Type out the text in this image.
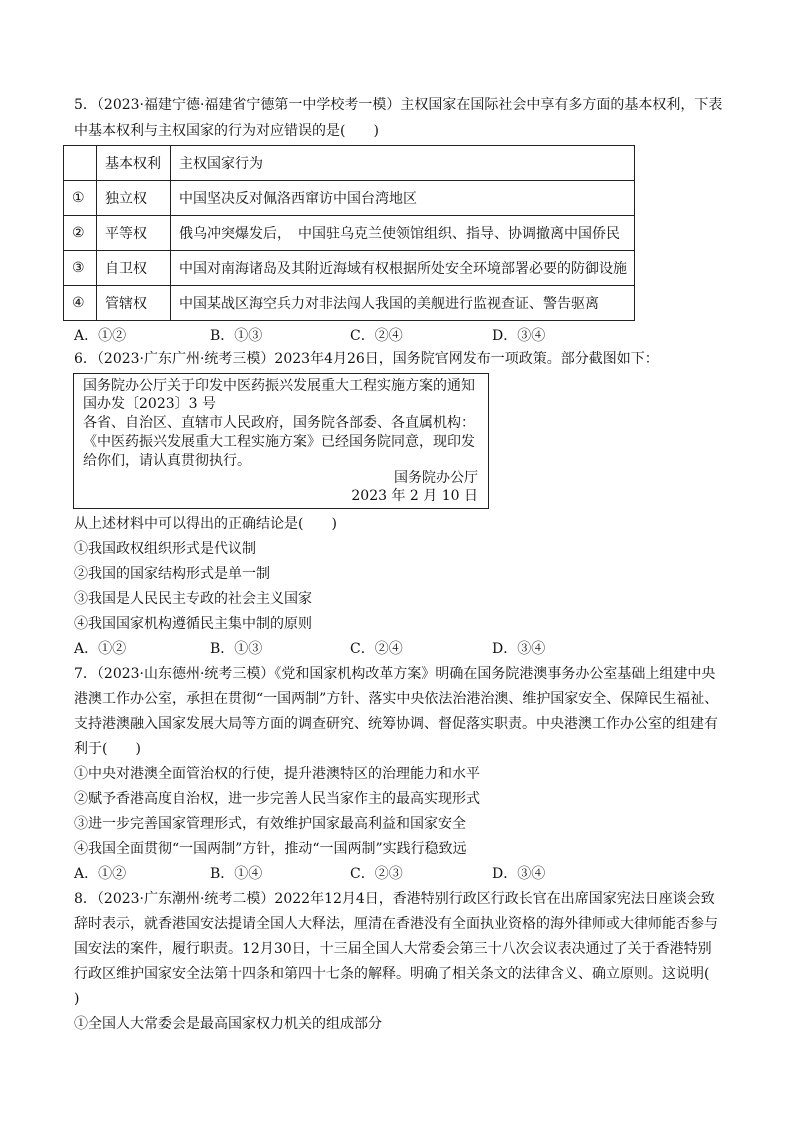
5．（2023·福建宁德·福建省宁德第一中学校考一模）主权国家在国际社会中享有多方面的基本权利，下表
中基本权利与主权国家的行为对应错误的是(　　)
	基本权利	主权国家行为
①	独立权	中国坚决反对佩洛西窜访中国台湾地区
②	平等权	俄乌冲突爆发后，　中国驻乌克兰使领馆组织、指导、协调撤离中国侨民
③	自卫权	中国对南海诸岛及其附近海域有权根据所处安全环境部署必要的防御设施
④	管辖权	中国某战区海空兵力对非法闯人我国的美舰进行监视查证、警告驱离
A．①②	B．①③	C．②④	D．③④
6．（2023·广东广州·统考三模）2023年4月26日，国务院官网发布一项政策。部分截图如下：
国务院办公厅关于印发中医药振兴发展重大工程实施方案的通知
国办发〔2023〕3 号
各省、自治区、直辖市人民政府，国务院各部委、各直属机构：
《中医药振兴发展重大工程实施方案》已经国务院同意，现印发
给你们，请认真贯彻执行。
国务院办公厅
2023 年 2 月 10 日
从上述材料中可以得出的正确结论是(　　)
①我国政权组织形式是代议制
②我国的国家结构形式是单一制
③我国是人民民主专政的社会主义国家
④我国国家机构遵循民主集中制的原则
A．①②	B．①③	C．②④	D．③④
7．（2023·山东德州·统考三模）《党和国家机构改革方案》明确在国务院港澳事务办公室基础上组建中央
港澳工作办公室，承担在贯彻“一国两制”方针、落实中央依法治港治澳、维护国家安全、保障民生福祉、
支持港澳融入国家发展大局等方面的调查研究、统筹协调、督促落实职责。中央港澳工作办公室的组建有
利于(　　)
①中央对港澳全面管治权的行使，提升港澳特区的治理能力和水平
②赋予香港高度自治权，进一步完善人民当家作主的最高实现形式
③进一步完善国家管理形式，有效维护国家最高利益和国家安全
④我国全面贯彻“一国两制”方针，推动“一国两制”实践行稳致远
A．①②	B．①④	C．②③	D．③④
8．（2023·广东潮州·统考二模）2022年12月4日，香港特别行政区行政长官在出席国家宪法日座谈会致
辞时表示，就香港国安法提请全国人大释法，厘清在香港没有全面执业资格的海外律师或大律师能否参与
国安法的案件，履行职责。12月30日，十三届全国人大常委会第三十八次会议表决通过了关于香港特别
行政区维护国家安全法第十四条和第四十七条的解释。明确了相关条文的法律含义、确立原则。这说明(
)
①全国人大常委会是最高国家权力机关的组成部分
